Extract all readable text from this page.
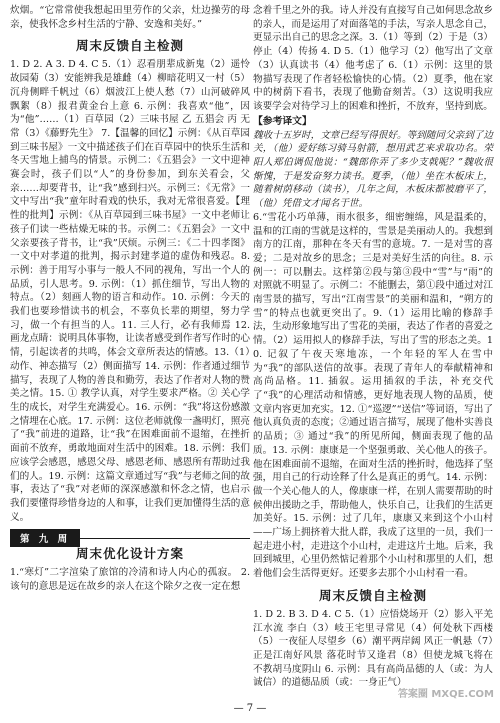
炊烟。“它常常使我想起田里劳作的父亲，灶边操劳的母亲，使我怀念乡村生活的宁静、安逸和美好。”

周末反馈自主检测

1. D 2. A 3. D 4. C 5.（1）忍看朋辈成新鬼（2）遥怜故园菊（3）安能辨我是雄雌（4）柳暗花明又一村（5）沉舟侧畔千帆过（6）烟波江上使人愁（7）山河破碎风飘絮（8）报君黄金台上意 6. 示例：我喜欢“他”，因为“他”……（1）百草园（2）三味书屋 乙 五猖会 丙 无常（3）《藤野先生》 7.【温馨的回忆】示例：《从百草园到三味书屋》一文中描述孩子们在百草园中的快乐生活和冬天雪地上捕鸟的情景。示例二：《五猖会》一文中迎神赛会时，孩子们以“人”的身份参加，到东关看会，父亲……却要背书，让“我”感到扫兴。示例三：《无常》一文中写出“我”童年时看戏的快乐，我对无常很喜爱。【理性的批判】示例：《从百草园到三味书屋》一文中老师让孩子们读一些枯燥无味的书。示例二：《五猖会》一文中父亲要孩子背书，让“我”厌烦。示例三：《二十四孝图》一文中对孝道的批判，揭示封建孝道的虚伪和残忍。8. 示例：善于用写小事与一般人不同的视角，写出一个人的品质，引人思考。9. 示例：（1）抓住细节，写出人物的特点。（2）刻画人物的语言和动作。10. 示例：今天的我们也要珍惜读书的机会，不辜负长辈的期望，努力学习，做一个有担当的人。11. 三人行，必有我师焉 12. 画龙点睛：说明具体事物，让读者感受到作者写作时的心情，引起读者的共鸣，体会文章所表达的情感。13.（1）动作、神态描写（2）侧面描写 14. 示例：作者通过细节描写，表现了人物的善良和勤劳，表达了作者对人物的赞美之情。15. ① 教学认真，对学生要求严格。② 关心学生的成长，对学生充满爱心。16. 示例：“我”将这份感激之情埋在心底。17. 示例：这位老师就像一盏明灯，照亮了“我”前进的道路，让“我”在困难面前不退缩，在挫折面前不放弃，勇敢地面对生活中的困难。18. 示例：我们应该学会感恩，感恩父母、感恩老师、感恩所有帮助过我们的人。19. 示例：这篇文章通过写“我”与老师之间的故事，表达了“我”对老师的深深感激和怀念之情，也启示我们要懂得珍惜身边的人和事，让我们更加懂得生活的意义。

第 九 周
周末优化设计方案

1.“寒灯”二字渲染了旅馆的冷清和诗人内心的孤寂。 2. 该句的意思是远在故乡的亲人在这个除夕之夜一定在想

念着千里之外的我。诗人并没有直接写自己如何思念故乡的亲人，而是运用了对面落笔的手法，写亲人思念自己，更显示出自己的思念之深。3.（1）等到（2）于是（3）停止（4）传扬 4. D 5.（1）他学习（2）他写出了文章（3）认真读书（4）他考虑了 6.（1）示例：这里的景物描写表现了作者轻松愉快的心情。（2）夏季，他在家中的树荫下看书，表现了他勤奋刻苦。（3）这说明我应该要学会对待学习上的困难和挫折，不放弃，坚持到底。

【参考译文】

魏收十五岁时，文章已经写得很好。等到随同父亲到了边关，（他）爱好练习骑马射箭，想用武艺来求取功名。荣阳人郑伯调侃他说：“魏郎你弄了多少支戟呢？”魏收很惭愧，于是发奋努力读书。夏季，（他）坐在木板床上，随着树荫移动（读书），几年之间，木板床都被磨平了，（他）凭借文才闻名于世。

6.“雪花小巧单薄，雨水很多，细密缠绵，风是温柔的，温和的江南的雪就是这样的，雪景是美丽动人的。我想到南方的江南，那种在冬天有雪的意境。7. 一是对雪的喜爱；二是对故乡的思念；三是对美好生活的向往。8. 示例一：可以删去。这样第②段与第③段中“雪”与“雨”的对照就不明显了。示例二：不能删去，第①段中通过对江南雪景的描写，写出“江南雪景”的美丽和温和，“朔方的雪”的特点也就更突出了。9.（1）运用比喻的修辞手法，生动形象地写出了雪花的美丽，表达了作者的喜爱之情。（2）运用拟人的修辞手法，写出了雪的形态之美。10. 记叙了午夜天寒地冻，一个年轻的军人在雪中为“我”的部队送信的故事。表现了青年人的奉献精神和高尚品格。11. 插叙。运用插叙的手法，补充交代了“我”的心理活动和情感，更好地表现人物的品质，使文章内容更加充实。12. ①“巡逻”“送信”等词语，写出了他认真负责的态度；②通过语言描写，展现了他朴实善良的品质；③ 通过“我”的所见所闻，侧面表现了他的品质。13. 示例：康康是一个坚强勇敢、关心他人的孩子。他在困难面前不退缩，在面对生活的挫折时，他选择了坚强，用自己的行动诠释了什么是真正的勇气。14. 示例：做一个关心他人的人，像康康一样，在别人需要帮助的时候伸出援助之手，帮助他人，快乐自己，让我们的生活更加美好。15. 示例：过了几年，康康又来到这个小山村——广场上拥挤着大批人群，我成了这里的一员，我们一起走进小村，走进这个小山村，走进这片土地。后来，我回到城里，心里仍然惦记着那个小山村和那里的人们，想着他们会生活得更好。还要多去那个小山村看一看。

周末反馈自主检测

1. D 2. B 3. D 4. C 5.（1）应悟烧场开（2）影入平羌江水流 李白（3）岐王宅里寻常见（4）何处秋下西楼（5）一夜征人尽望乡（6）潮平两岸阔 风正一帆悬（7）正是江南好风景 落花时节又逢君（8）但使龙城飞将在 不教胡马度阴山 6. 示例：具有高尚品德的人（或：为人诚信）的道德品质（或：一身正气）

— 7 —
答案圈 MXQE.COM
